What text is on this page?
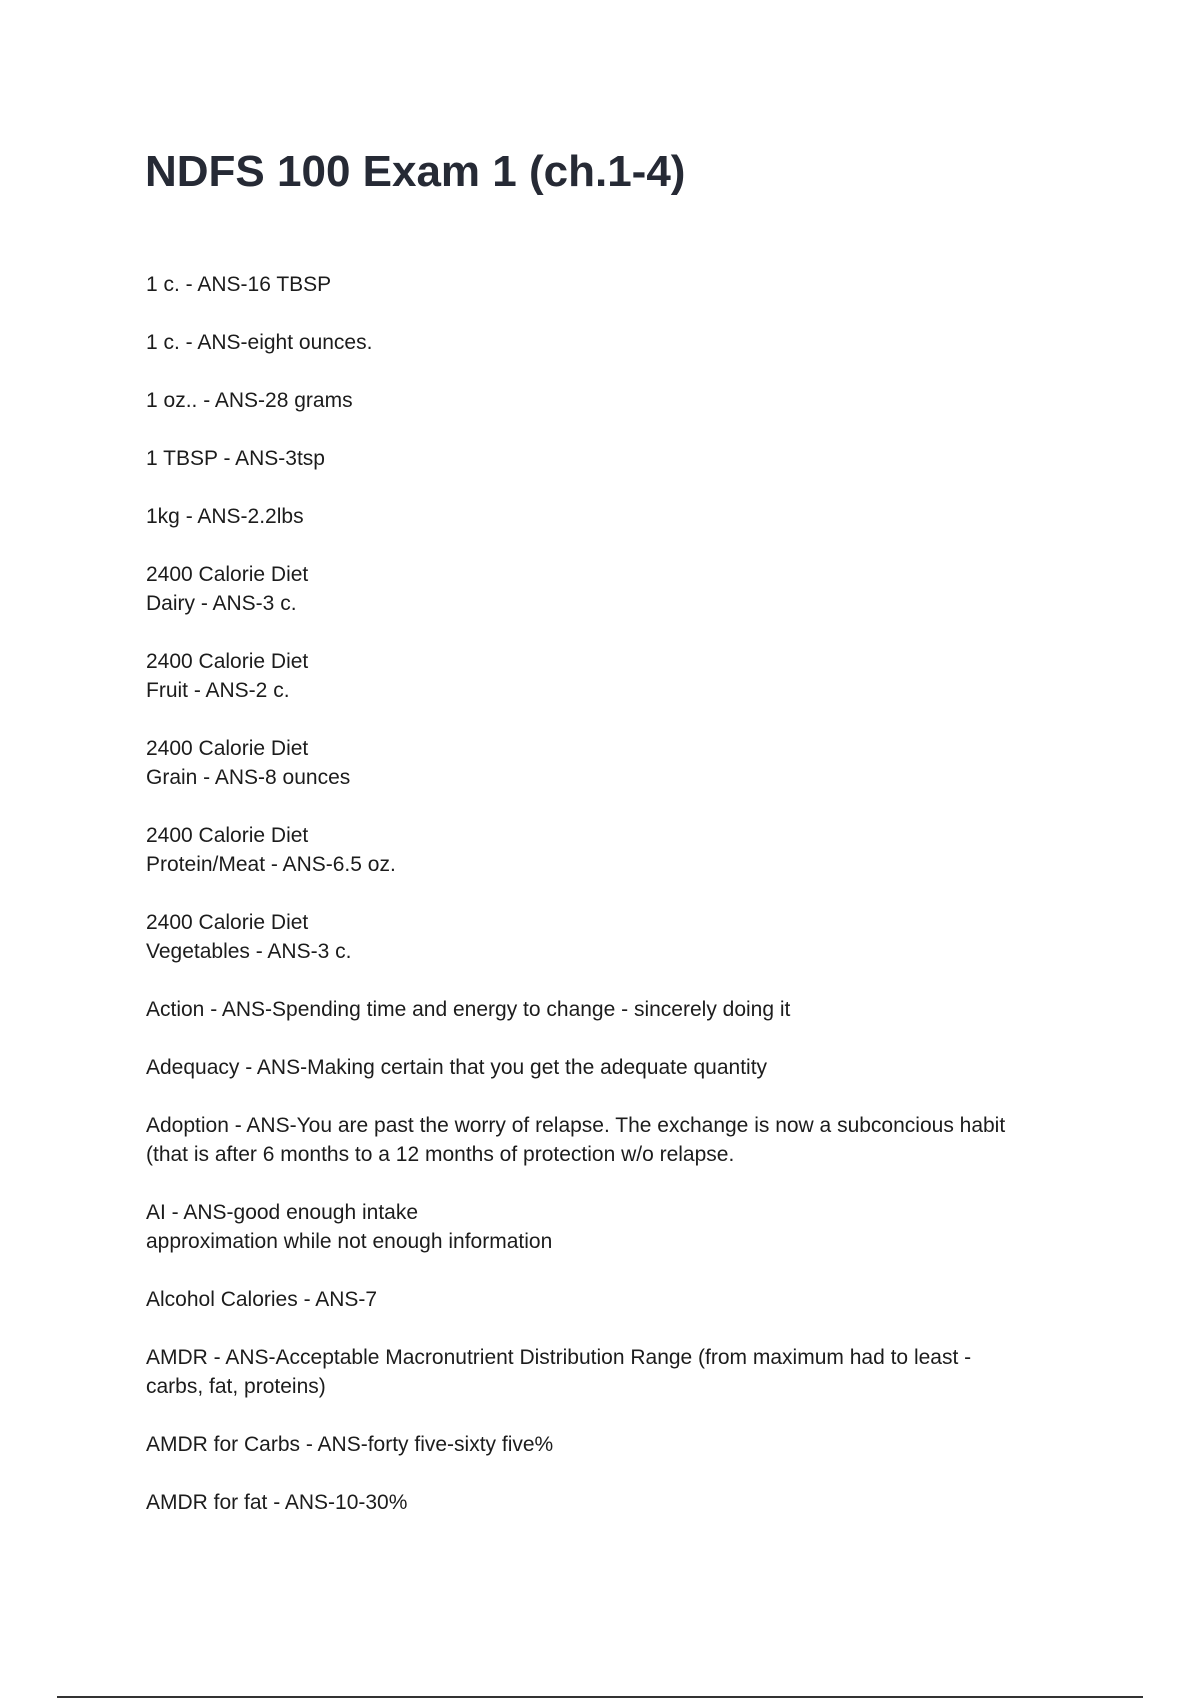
NDFS 100 Exam 1 (ch.1-4)
1 c. - ANS-16 TBSP
1 c. - ANS-eight ounces.
1 oz.. - ANS-28 grams
1 TBSP - ANS-3tsp
1kg - ANS-2.2lbs
2400 Calorie Diet
Dairy - ANS-3 c.
2400 Calorie Diet
Fruit - ANS-2 c.
2400 Calorie Diet
Grain - ANS-8 ounces
2400 Calorie Diet
Protein/Meat - ANS-6.5 oz.
2400 Calorie Diet
Vegetables - ANS-3 c.
Action - ANS-Spending time and energy to change - sincerely doing it
Adequacy - ANS-Making certain that you get the adequate quantity
Adoption - ANS-You are past the worry of relapse. The exchange is now a subconcious habit
(that is after 6 months to a 12 months of protection w/o relapse.
AI - ANS-good enough intake
approximation while not enough information
Alcohol Calories - ANS-7
AMDR - ANS-Acceptable Macronutrient Distribution Range (from maximum had to least -
carbs, fat, proteins)
AMDR for Carbs - ANS-forty five-sixty five%
AMDR for fat - ANS-10-30%
